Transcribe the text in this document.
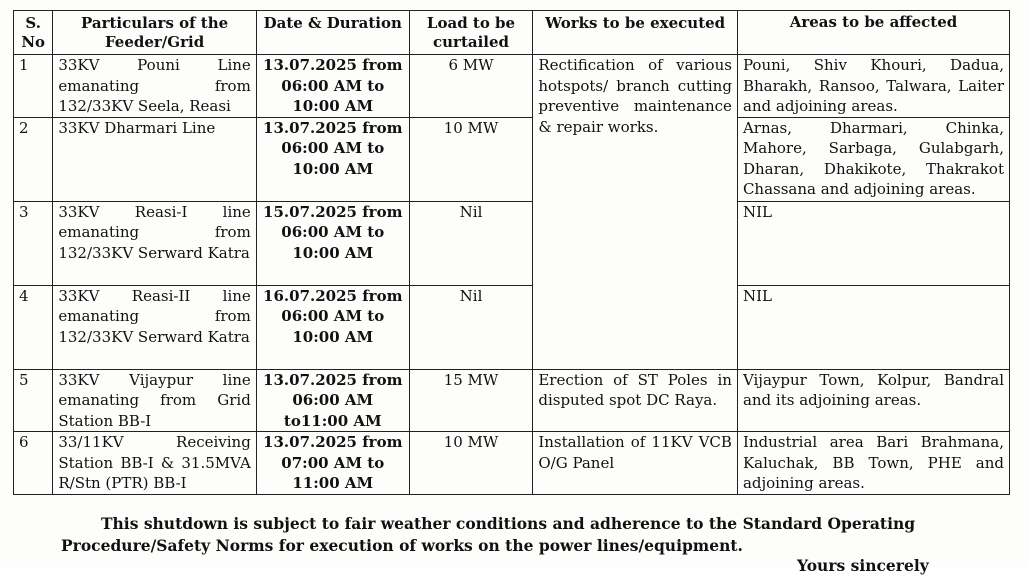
S. No	Particulars of the Feeder/Grid	Date & Duration	Load to be curtailed	Works to be executed	Areas to be affected
1	33KV Pouni Line emanating from 132/33KV Seela, Reasi	13.07.2025 from 06:00 AM to 10:00 AM	6 MW	Rectification of various hotspots/ branch cutting preventive maintenance & repair works.	Pouni, Shiv Khouri, Dadua, Bharakh, Ransoo, Talwara, Laiter and adjoining areas.
2	33KV Dharmari Line	13.07.2025 from 06:00 AM to 10:00 AM	10 MW		Arnas, Dharmari, Chinka, Mahore, Sarbaga, Gulabgarh, Dharan, Dhakikote, Thakrakot Chassana and adjoining areas.
3	33KV Reasi-I line emanating from 132/33KV Serward Katra	15.07.2025 from 06:00 AM to 10:00 AM	Nil		NIL
4	33KV Reasi-II line emanating from 132/33KV Serward Katra	16.07.2025 from 06:00 AM to 10:00 AM	Nil		NIL
5	33KV Vijaypur line emanating from Grid Station BB-I	13.07.2025 from 06:00 AM to11:00 AM	15 MW	Erection of ST Poles in disputed spot DC Raya.	Vijaypur Town, Kolpur, Bandral and its adjoining areas.
6	33/11KV Receiving Station BB-I & 31.5MVA R/Stn (PTR) BB-I	13.07.2025 from 07:00 AM to 11:00 AM	10 MW	Installation of 11KV VCB O/G Panel	Industrial area Bari Brahmana, Kaluchak, BB Town, PHE and adjoining areas.
This shutdown is subject to fair weather conditions and adherence to the Standard Operating Procedure/Safety Norms for execution of works on the power lines/equipment.
Yours sincerely
